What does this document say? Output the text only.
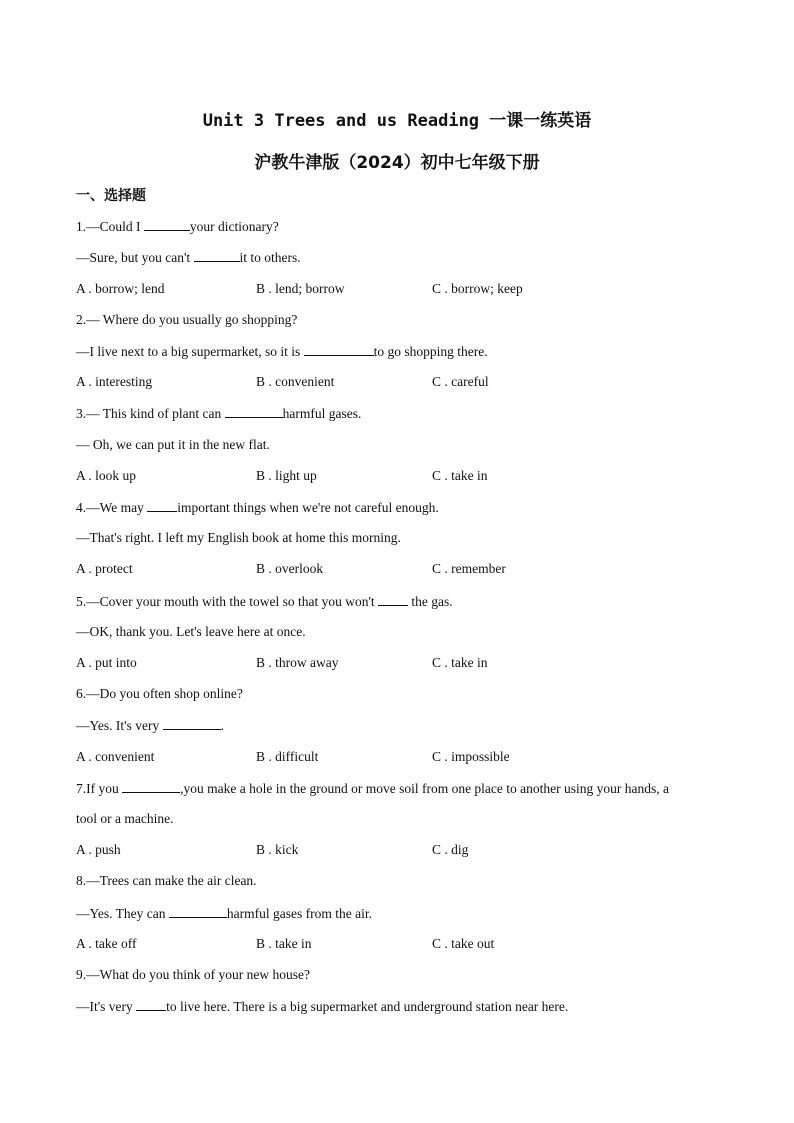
Unit 3 Trees and us Reading 一课一练英语
沪教牛津版（2024）初中七年级下册
一、选择题
1.—Could I	your dictionary?
—Sure, but you can't	it to others.
A . borrow; lend	B . lend; borrow	C . borrow; keep
2.— Where do you usually go shopping?
—I live next to a big supermarket, so it is	to go shopping there.
A . interesting	B . convenient	C . careful
3.— This kind of plant can	harmful gases.
— Oh, we can put it in the new flat.
A . look up	B . light up	C . take in
4.—We may important things when we're not careful enough.
—That's right. I left my English book at home this morning.
A . protect	B . overlook	C . remember
5.—Cover your mouth with the towel so that you won't  the gas.
—OK, thank you. Let's leave here at once.
A . put into	B . throw away	C . take in
6.—Do you often shop online?
—Yes. It's very	.
A . convenient	B . difficult	C . impossible
7.If you	,you make a hole in the ground or move soil from one place to another using your hands, a
tool or a machine.
A . push	B . kick	C . dig
8.—Trees can make the air clean.
—Yes. They can	harmful gases from the air.
A . take off	B . take in	C . take out
9.—What do you think of your new house?
—It's very to live here. There is a big supermarket and underground station near here.
